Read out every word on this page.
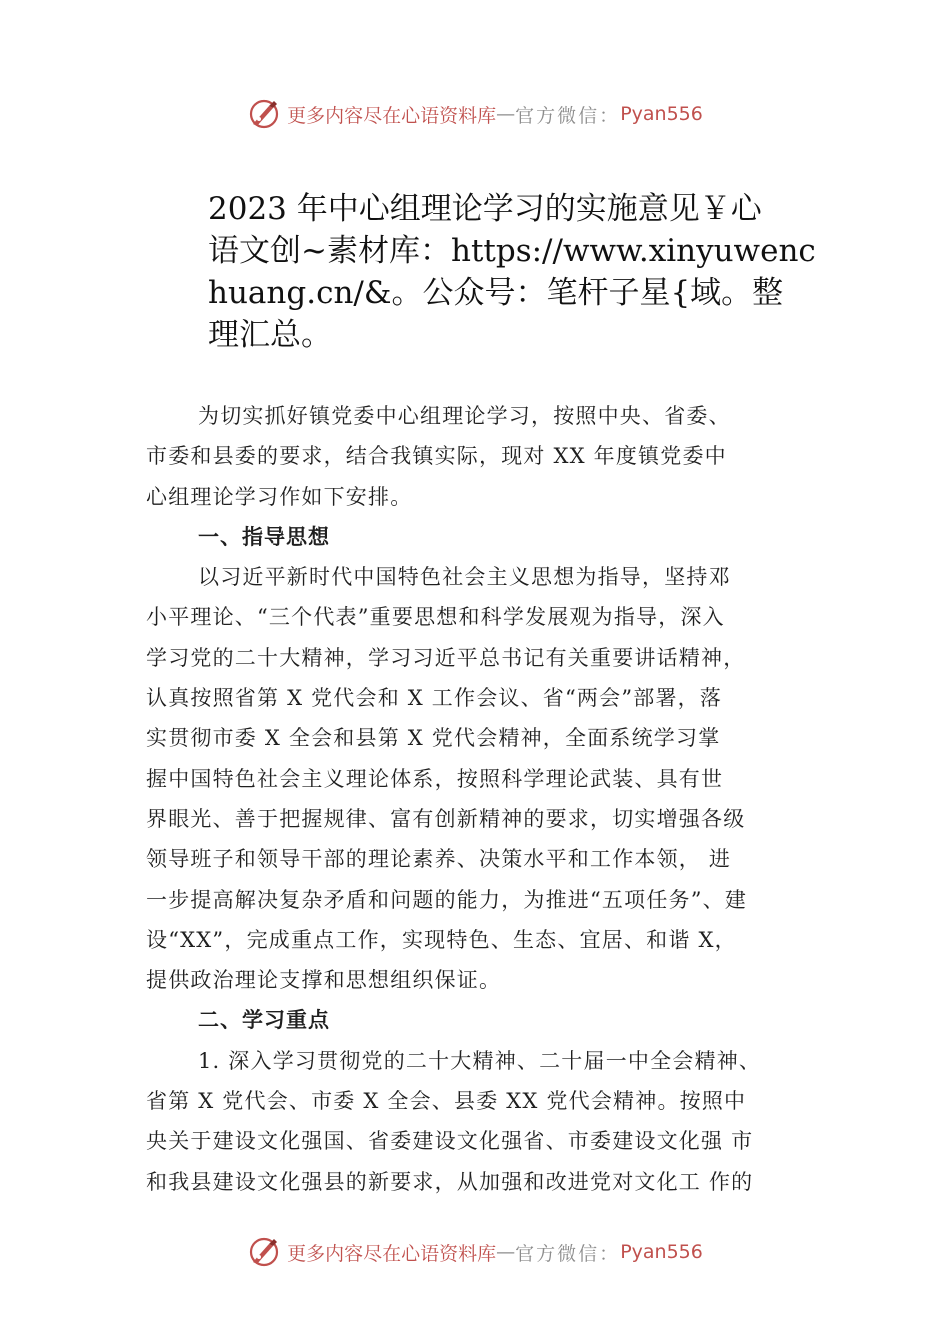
更多内容尽在心语资料库 — 官方微信： Pyan556
2023 年中心组理论学习的实施意见￥心
语文创~素材库：https://www.xinyuwenc
huang.cn/&。公众号：笔杆子星{域。整
理汇总。
为切实抓好镇党委中心组理论学习，按照中央、省委、
市委和县委的要求，结合我镇实际，现对 XX 年度镇党委中
心组理论学习作如下安排。
一、指导思想
以习近平新时代中国特色社会主义思想为指导，坚持邓
小平理论、“三个代表”重要思想和科学发展观为指导，深入
学习党的二十大精神，学习习近平总书记有关重要讲话精神，
认真按照省第 X 党代会和 X 工作会议、省“两会”部署，落
实贯彻市委 X 全会和县第 X 党代会精神，全面系统学习掌
握中国特色社会主义理论体系，按照科学理论武装、具有世
界眼光、善于把握规律、富有创新精神的要求，切实增强各级
领导班子和领导干部的理论素养、决策水平和工作本领， 进
一步提高解决复杂矛盾和问题的能力，为推进“五项任务”、建
设“XX”，完成重点工作，实现特色、生态、宜居、和谐 X，
提供政治理论支撑和思想组织保证。
二、学习重点
1. 深入学习贯彻党的二十大精神、二十届一中全会精神、
省第 X 党代会、市委 X 全会、县委 XX 党代会精神。按照中
央关于建设文化强国、省委建设文化强省、市委建设文化强 市
和我县建设文化强县的新要求，从加强和改进党对文化工 作的
更多内容尽在心语资料库 — 官方微信： Pyan556
